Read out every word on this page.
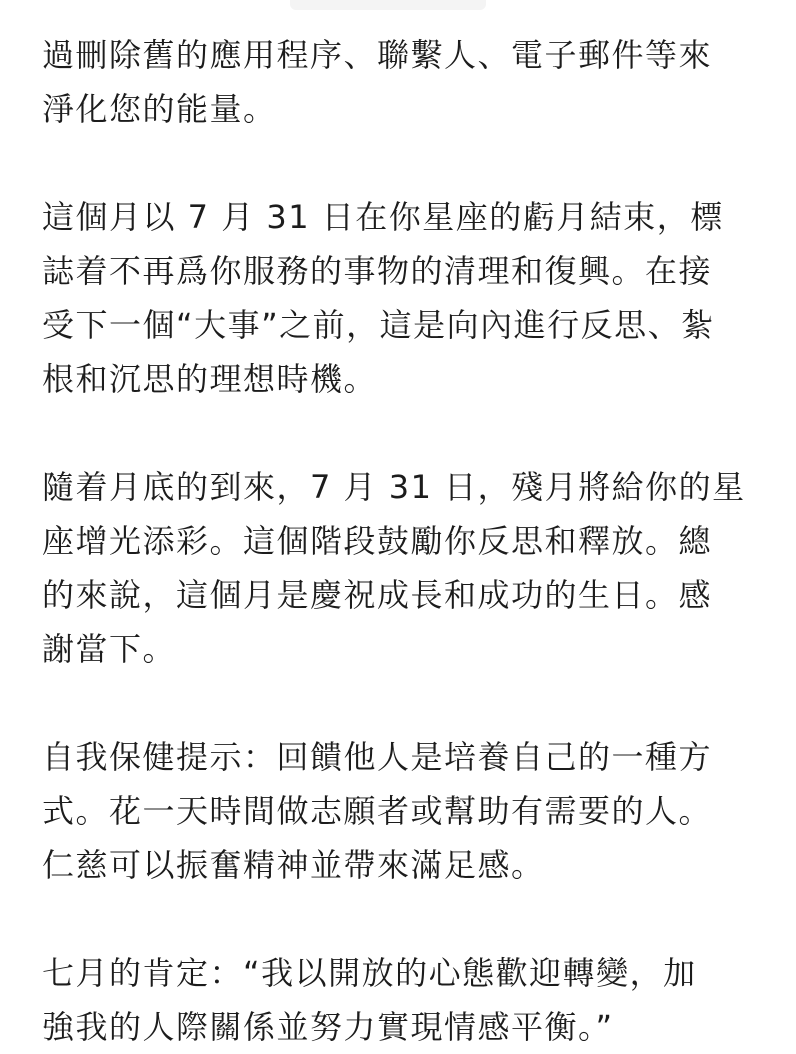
過刪除舊的應用程序、聯繫人、電子郵件等來
淨化您的能量。

這個月以 7 月 31 日在你星座的虧月結束，標
誌着不再爲你服務的事物的清理和復興。在接
受下一個“大事”之前，這是向內進行反思、紮
根和沉思的理想時機。

隨着月底的到來，7 月 31 日，殘月將給你的星
座增光添彩。這個階段鼓勵你反思和釋放。總
的來說，這個月是慶祝成長和成功的生日。感
謝當下。

自我保健提示：回饋他人是培養自己的一種方
式。花一天時間做志願者或幫助有需要的人。
仁慈可以振奮精神並帶來滿足感。

七月的肯定：“我以開放的心態歡迎轉變，加
強我的人際關係並努力實現情感平衡。”
